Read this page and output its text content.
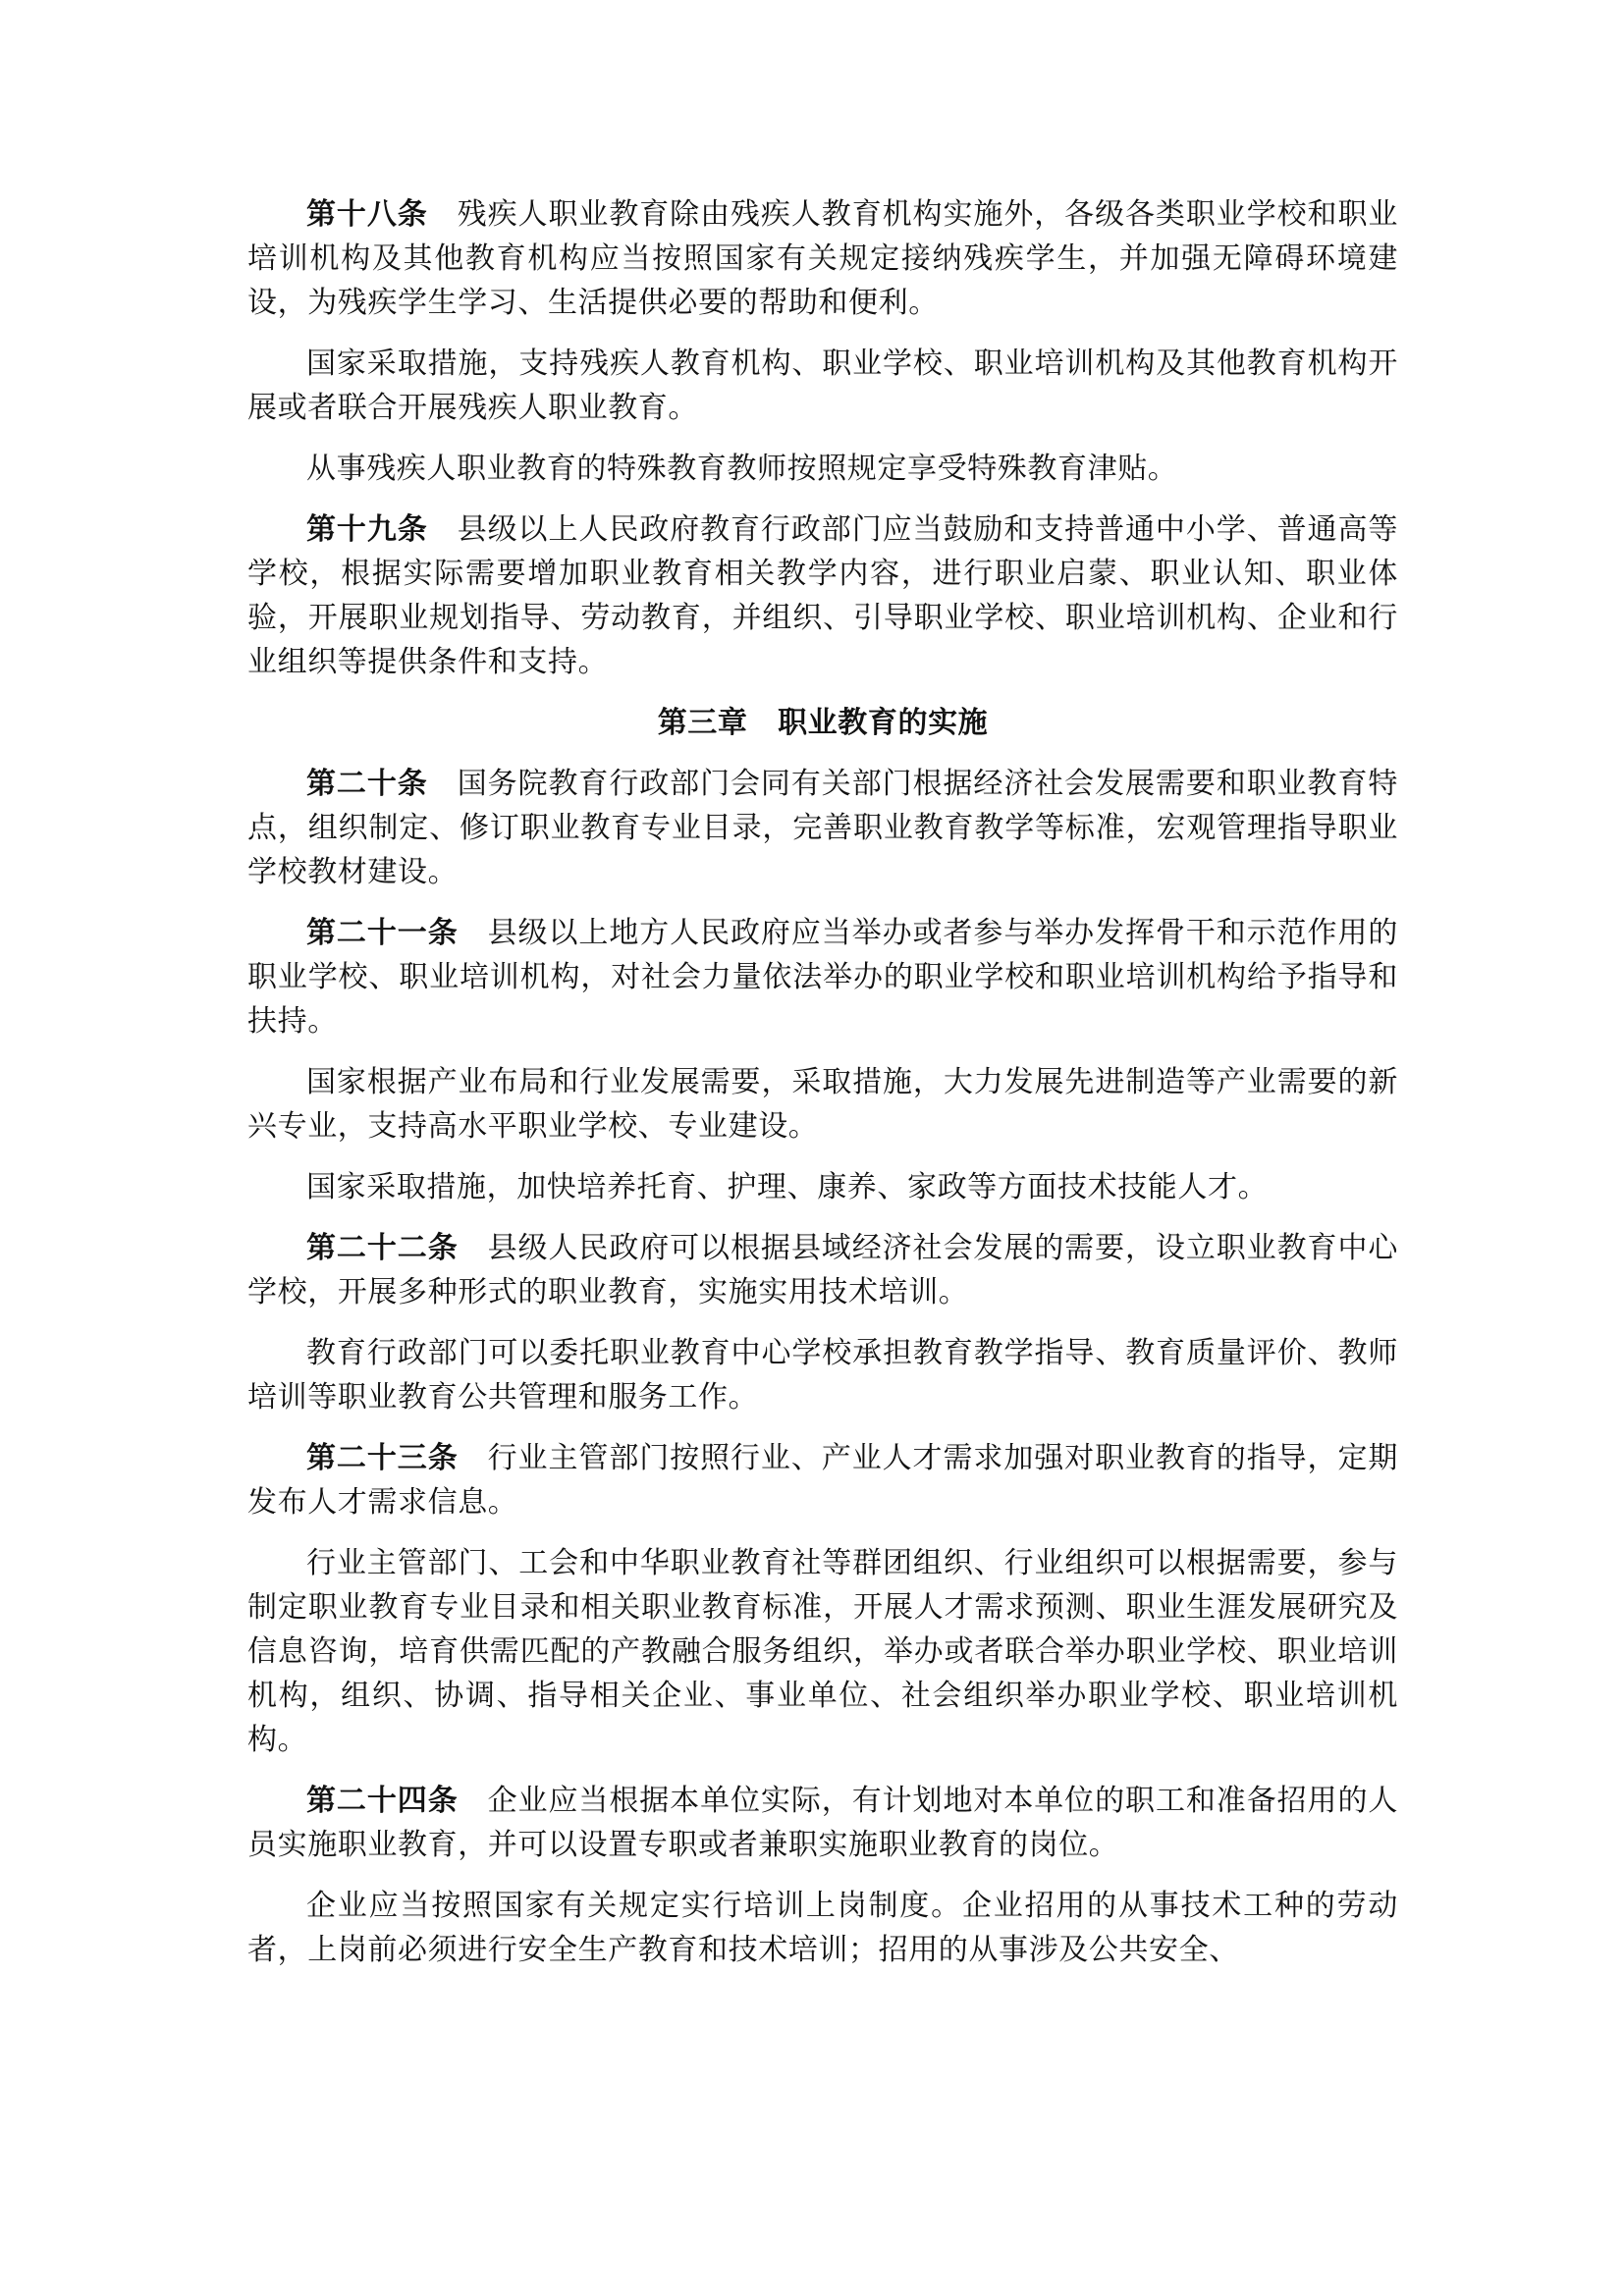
第十八条 残疾人职业教育除由残疾人教育机构实施外，各级各类职业学校和职业培训机构及其他教育机构应当按照国家有关规定接纳残疾学生，并加强无障碍环境建设，为残疾学生学习、生活提供必要的帮助和便利。

国家采取措施，支持残疾人教育机构、职业学校、职业培训机构及其他教育机构开展或者联合开展残疾人职业教育。

从事残疾人职业教育的特殊教育教师按照规定享受特殊教育津贴。

第十九条 县级以上人民政府教育行政部门应当鼓励和支持普通中小学、普通高等学校，根据实际需要增加职业教育相关教学内容，进行职业启蒙、职业认知、职业体验，开展职业规划指导、劳动教育，并组织、引导职业学校、职业培训机构、企业和行业组织等提供条件和支持。

第三章　职业教育的实施

第二十条 国务院教育行政部门会同有关部门根据经济社会发展需要和职业教育特点，组织制定、修订职业教育专业目录，完善职业教育教学等标准，宏观管理指导职业学校教材建设。

第二十一条 县级以上地方人民政府应当举办或者参与举办发挥骨干和示范作用的职业学校、职业培训机构，对社会力量依法举办的职业学校和职业培训机构给予指导和扶持。

国家根据产业布局和行业发展需要，采取措施，大力发展先进制造等产业需要的新兴专业，支持高水平职业学校、专业建设。

国家采取措施，加快培养托育、护理、康养、家政等方面技术技能人才。

第二十二条 县级人民政府可以根据县域经济社会发展的需要，设立职业教育中心学校，开展多种形式的职业教育，实施实用技术培训。

教育行政部门可以委托职业教育中心学校承担教育教学指导、教育质量评价、教师培训等职业教育公共管理和服务工作。

第二十三条 行业主管部门按照行业、产业人才需求加强对职业教育的指导，定期发布人才需求信息。

行业主管部门、工会和中华职业教育社等群团组织、行业组织可以根据需要，参与制定职业教育专业目录和相关职业教育标准，开展人才需求预测、职业生涯发展研究及信息咨询，培育供需匹配的产教融合服务组织，举办或者联合举办职业学校、职业培训机构，组织、协调、指导相关企业、事业单位、社会组织举办职业学校、职业培训机构。

第二十四条 企业应当根据本单位实际，有计划地对本单位的职工和准备招用的人员实施职业教育，并可以设置专职或者兼职实施职业教育的岗位。

企业应当按照国家有关规定实行培训上岗制度。企业招用的从事技术工种的劳动者，上岗前必须进行安全生产教育和技术培训；招用的从事涉及公共安全、
